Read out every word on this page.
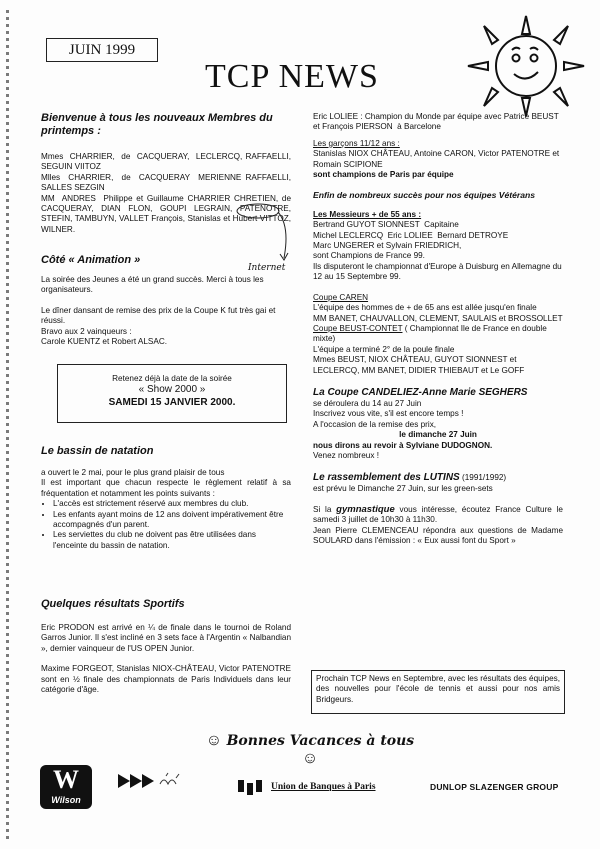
JUIN 1999
TCP NEWS

Bienvenue à tous les nouveaux Membres du printemps :

Mmes  CHARRIER,  de  CACQUERAY,  LECLERCQ, RAFFAELLI, SEGUIN VIITOZ
Mlles  CHARRIER,  de  CACQUERAY  MERIENNE RAFFAELLI, SALLES SEZGIN
MM  ANDRES  Philippe et Guillaume CHARRIER CHRETIEN, de CACQUERAY, DIAN FLON, GOUPI LEGRAIN, PATENOTRE, STEFIN, TAMBUYN, VALLET François, Stanislas et Hubert VITTOZ, WILNER.

Côté « Animation »

La soirée des Jeunes a été un grand succès. Merci à tous les organisateurs.

Le dîner dansant de remise des prix de la Coupe K fut très gai et réussi.
Bravo aux 2 vainqueurs :
Carole KUENTZ et Robert ALSAC.

Internet
Retenez déjà la date de la soirée
« Show 2000 »
SAMEDI 15 JANVIER 2000.

Le bassin de natation

a ouvert le 2 mai, pour le plus grand plaisir de tous
Il est important que chacun respecte le règlement relatif à sa fréquentation et notamment les points suivants :

• L'accès est strictement réservé aux membres du club.
• Les enfants ayant moins de 12 ans doivent impérativement être accompagnés d'un parent.
• Les serviettes du club ne doivent pas être utilisées dans l'enceinte du bassin de natation.

Quelques résultats Sportifs

Eric PRODON est arrivé en ¼ de finale dans le tournoi de Roland Garros Junior. Il s'est incliné en 3 sets face à l'Argentin « Nalbandian », dernier vainqueur de l'US OPEN Junior.

Maxime FORGEOT, Stanislas NIOX-CHÂTEAU, Victor PATENOTRE sont en ½ finale des championnats de Paris Individuels dans leur catégorie d'âge.

Eric LOLIEE : Champion du Monde par équipe avec Patrice BEUST et François PIERSON  à Barcelone

Les garçons 11/12 ans :

Stanislas NIOX CHÂTEAU, Antoine CARON, Victor PATENOTRE et Romain SCIPIONE

sont champions de Paris par équipe

Enfin de nombreux succès pour nos équipes Vétérans

Les Messieurs + de 55 ans :

Bertrand GUYOT SIONNEST  Capitaine
Michel LECLERCQ  Eric LOLIEE  Bernard DETROYE
Marc UNGERER et Sylvain FRIEDRICH,
sont Champions de France 99.
Ils disputeront le championnat d'Europe à Duisburg en Allemagne du 12 au 15 Septembre 99.

Coupe CAREN

L'équipe des hommes de + de 65 ans est allée jusqu'en finale
MM BANET, CHAUVALLON, CLEMENT, SAULAIS et BROSSOLLET

Coupe BEUST-CONTET ( Championnat Ile de France en double mixte)

L'équipe a terminé 2° de la poule finale
Mmes BEUST, NIOX CHÂTEAU, GUYOT SIONNEST et LECLERCQ, MM BANET, DIDIER THIEBAUT et Le GOFF

La Coupe CANDELIEZ-Anne Marie SEGHERS

se déroulera du 14 au 27 Juin
Inscrivez vous vite, s'il est encore temps !
A l'occasion de la remise des prix,

le dimanche 27 Juin

nous dirons au revoir à Sylviane DUDOGNON.

Venez nombreux !

Le rassemblement des LUTINS (1991/1992)

est prévu le Dimanche 27 Juin, sur les green-sets

Si la gymnastique vous intéresse, écoutez France Culture le samedi 3 juillet de 10h30 à 11h30.
Jean Pierre CLEMENCEAU répondra aux questions de Madame SOULARD dans l'émission : « Eux aussi font du Sport »

Prochain TCP News en Septembre, avec les résultats des équipes, des nouvelles pour l'école de tennis et aussi pour nos amis Bridgeurs.

☺ Bonnes Vacances à tous ☺
W
Wilson
Union de Banques à Paris	DUNLOP SLAZENGER GROUP
